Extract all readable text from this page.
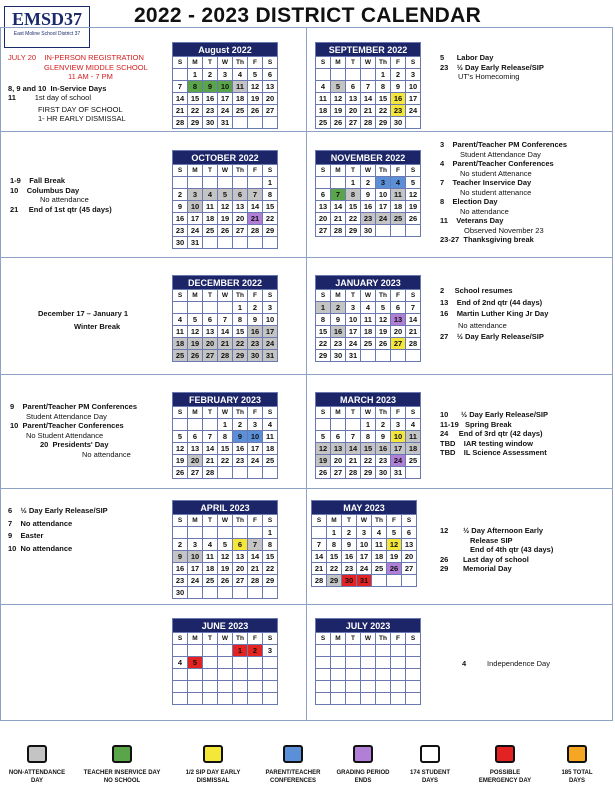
EMSD37
East Moline School District 37
2022 - 2023 DISTRICT CALENDAR
August 2022						
S	M	T	W	Th	F	S
	1	2	3	4	5	6
7	8	9	10	11	12	13
14	15	16	17	18	19	20
21	22	23	24	25	26	27
28	29	30	31			
SEPTEMBER 2022						
S	M	T	W	Th	F	S
				1	2	3
4	5	6	7	8	9	10
11	12	13	14	15	16	17
18	19	20	21	22	23	24
25	26	27	28	29	30	
OCTOBER 2022						
S	M	T	W	Th	F	S
						1
2	3	4	5	6	7	8
9	10	11	12	13	14	15
16	17	18	19	20	21	22
23	24	25	26	27	28	29
30	31					
NOVEMBER 2022						
S	M	T	W	Th	F	S
		1	2	3	4	5
6	7	8	9	10	11	12
13	14	15	16	17	18	19
20	21	22	23	24	25	26
27	28	29	30			
DECEMBER 2022						
S	M	T	W	Th	F	S
				1	2	3
4	5	6	7	8	9	10
11	12	13	14	15	16	17
18	19	20	21	22	23	24
25	26	27	28	29	30	31
JANUARY 2023						
S	M	T	W	Th	F	S
1	2	3	4	5	6	7
8	9	10	11	12	13	14
15	16	17	18	19	20	21
22	23	24	25	26	27	28
29	30	31				
FEBRUARY 2023						
S	M	T	W	Th	F	S
			1	2	3	4
5	6	7	8	9	10	11
12	13	14	15	16	17	18
19	20	21	22	23	24	25
26	27	28				
MARCH 2023						
S	M	T	W	Th	F	S
			1	2	3	4
5	6	7	8	9	10	11
12	13	14	15	16	17	18
19	20	21	22	23	24	25
26	27	28	29	30	31	
APRIL 2023						
S	M	T	W	Th	F	S
						1
2	3	4	5	6	7	8
9	10	11	12	13	14	15
16	17	18	19	20	21	22
23	24	25	26	27	28	29
30						
MAY 2023						
S	M	T	W	Th	F	S
	1	2	3	4	5	6
7	8	9	10	11	12	13
14	15	16	17	18	19	20
21	22	23	24	25	26	27
28	29	30	31			
JUNE 2023						
S	M	T	W	Th	F	S
				1	2	3
4	5					

JULY 2023						
S	M	T	W	Th	F	S

JULY 20 IN-PERSON REGISTRATION
GLENVIEW MIDDLE SCHOOL
11 AM - 7 PM
8, 9 and 10 In-Service Days
11	1st day of school
FIRST DAY OF SCHOOL
1- HR EARLY DISMISSAL
5 Labor Day
23 ½ Day Early Release/SIP
UT's Homecoming
1-9 Fall Break
10 Columbus Day
No attendance
21 End of 1st qtr (45 days)
3 Parent/Teacher PM Conferences
Student Attendance Day
4 Parent/Teacher Conferences
No student Attenance
7 Teacher Inservice Day
No student attenance
8 Election Day
No attendance
11 Veterans Day
Observed November 23
23-27 Thanksgiving break
December 17 – January 1
Winter Break
2 School resumes
13 End of 2nd qtr (44 days)
16 Martin Luther King Jr Day
No attendance
27 ½ Day Early Release/SIP
9 Parent/Teacher PM Conferences
Student Attendance Day
10 Parent/Teacher Conferences
No Student Attendance
20 Presidents' Day
No attendance
10 ½ Day Early Release/SIP
11-19 Spring Break
24 End of 3rd qtr (42 days)
TBD IAR testing window
TBD IL Science Assessment
6 ½ Day Early Release/SIP
7 No attendance
9 Easter
10 No attendance
12 ½ Day Afternoon Early
Release SIP
End of 4th qtr (43 days)
26 Last day of school
29 Memorial Day
4	Independence Day
NON-ATTENDANCE DAY
TEACHER INSERVICE DAY NO SCHOOL
1/2 SIP DAY EARLY DISMISSAL
PARENT/TEACHER CONFERENCES
GRADING PERIOD ENDS
174 STUDENT DAYS
POSSIBLE EMERGENCY DAY
185 TOTAL DAYS
